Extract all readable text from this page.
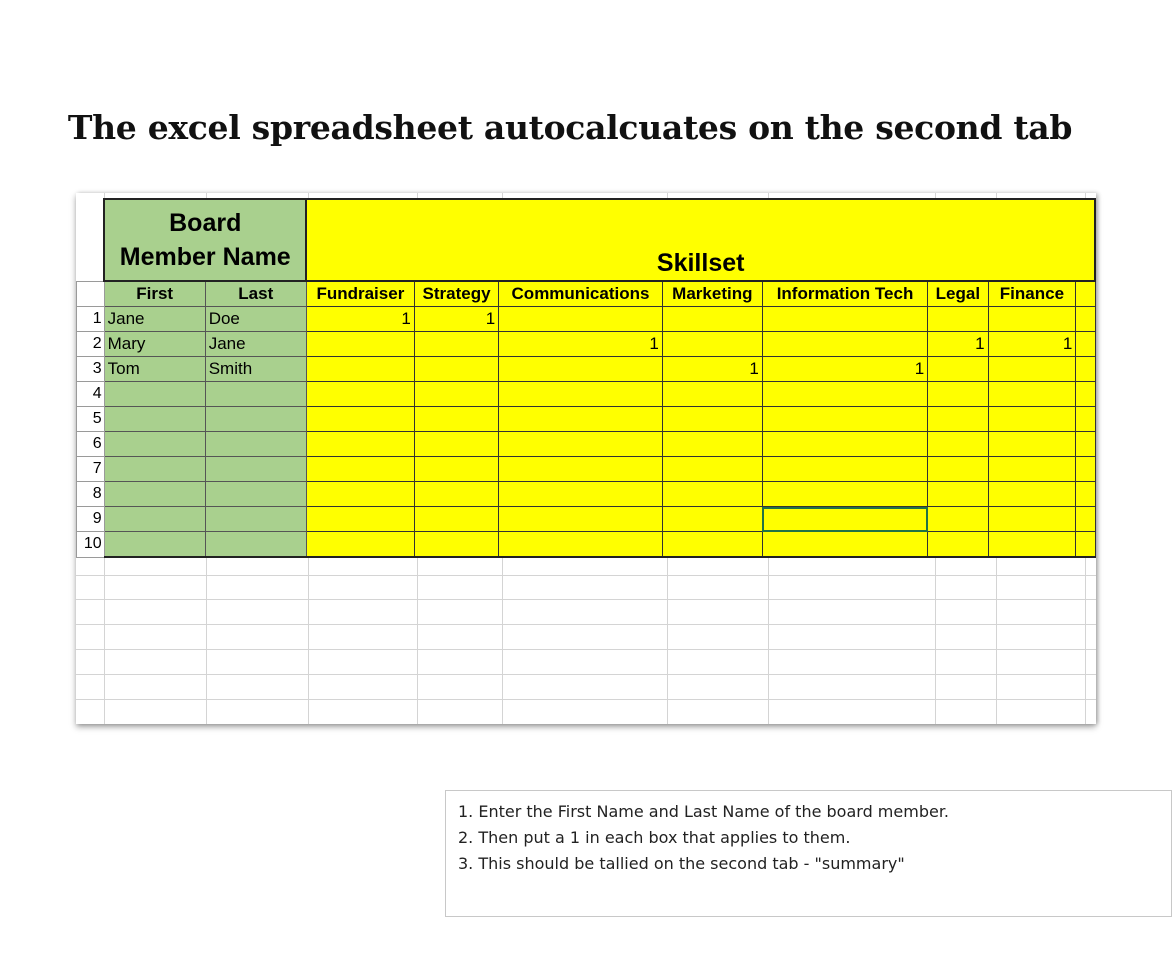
The excel spreadsheet autocalcuates on the second tab

	Board
Member Name		Skillset							

	First	Last	Fundraiser	Strategy	Communications	Marketing	Information Tech	Legal	Finance	
1	Jane	Doe	1	1						
2	Mary	Jane			1			1	1	
3	Tom	Smith				1	1			
4										
5										
6										
7										
8										
9										
10										
1. Enter the First Name and Last Name of the board member.
2. Then put a 1 in each box that applies to them.
3. This should be tallied on the second tab - "summary"
